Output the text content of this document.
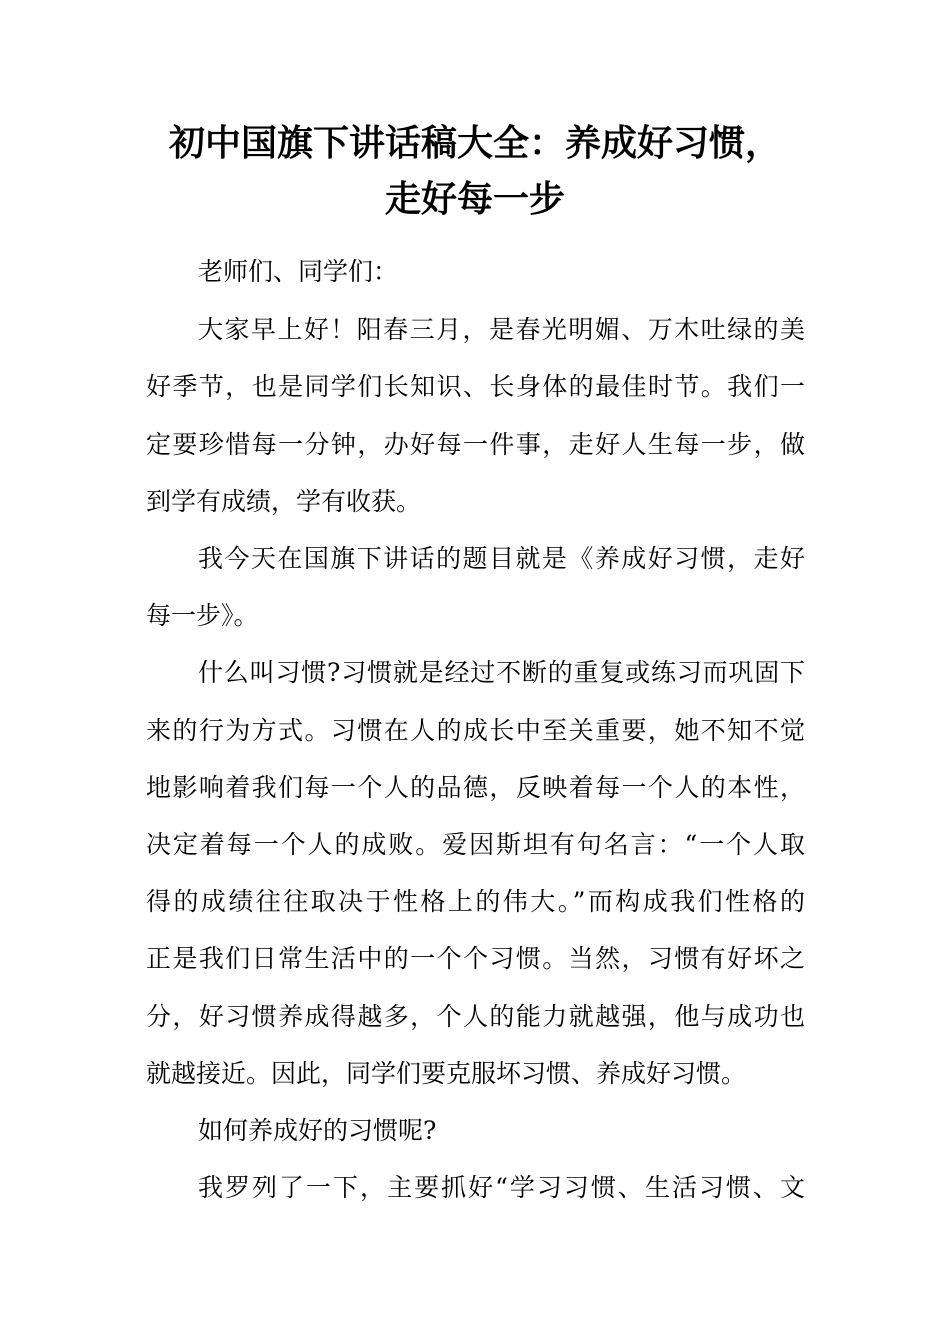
初中国旗下讲话稿大全：养成好习惯，
走好每一步

老师们、同学们：

大家早上好！阳春三月，是春光明媚、万木吐绿的美

好季节，也是同学们长知识、长身体的最佳时节。我们一

定要珍惜每一分钟，办好每一件事，走好人生每一步，做

到学有成绩，学有收获。

我今天在国旗下讲话的题目就是《养成好习惯，走好

每一步》。

什么叫习惯?习惯就是经过不断的重复或练习而巩固下

来的行为方式。习惯在人的成长中至关重要，她不知不觉

地影响着我们每一个人的品德，反映着每一个人的本性，

决定着每一个人的成败。爱因斯坦有句名言：“一个人取

得的成绩往往取决于性格上的伟大。”而构成我们性格的

正是我们日常生活中的一个个习惯。当然，习惯有好坏之

分，好习惯养成得越多，个人的能力就越强，他与成功也

就越接近。因此，同学们要克服坏习惯、养成好习惯。

如何养成好的习惯呢?

我罗列了一下，主要抓好“学习习惯、生活习惯、文
